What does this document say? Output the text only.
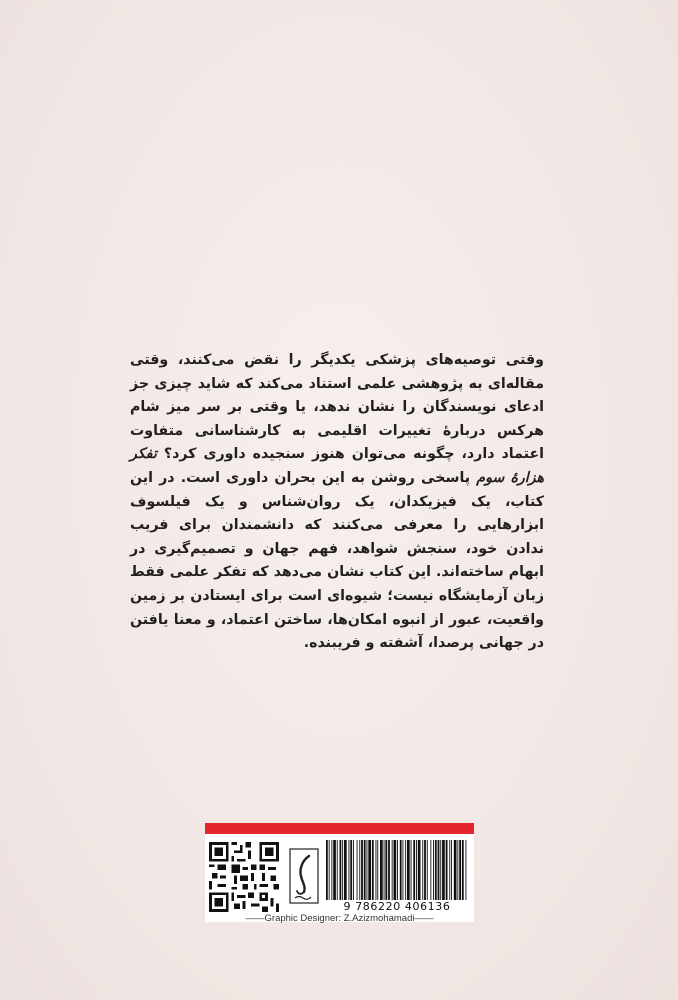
وقتی توصیه‌های پزشکی یکدیگر را نقض می‌کنند، وقتی مقاله‌ای به پژوهشی علمی استناد می‌کند که شاید چیزی جز ادعای نویسندگان را نشان ندهد، یا وقتی بر سر میز شام هرکس دربارهٔ تغییرات اقلیمی به کارشناسانی متفاوت اعتماد دارد، چگونه می‌توان هنوز سنجیده داوری کرد؟ تفکر هزارهٔ سوم پاسخی روشن به این بحران داوری است. در این کتاب، یک فیزیکدان، یک روان‌شناس و یک فیلسوف ابزارهایی را معرفی می‌کنند که دانشمندان برای فریب ندادن خود، سنجش شواهد، فهم جهان و تصمیم‌گیری در ابهام ساخته‌اند. این کتاب نشان می‌دهد که تفکر علمی فقط زبان آزمایشگاه نیست؛ شیوه‌ای است برای ایستادن بر زمین واقعیت، عبور از انبوه امکان‌ها، ساختن اعتماد، و معنا یافتن در جهانی پرصدا، آشفته و فریبنده.
9 786220 406136
——Graphic Designer: Z.Azizmohamadi——
